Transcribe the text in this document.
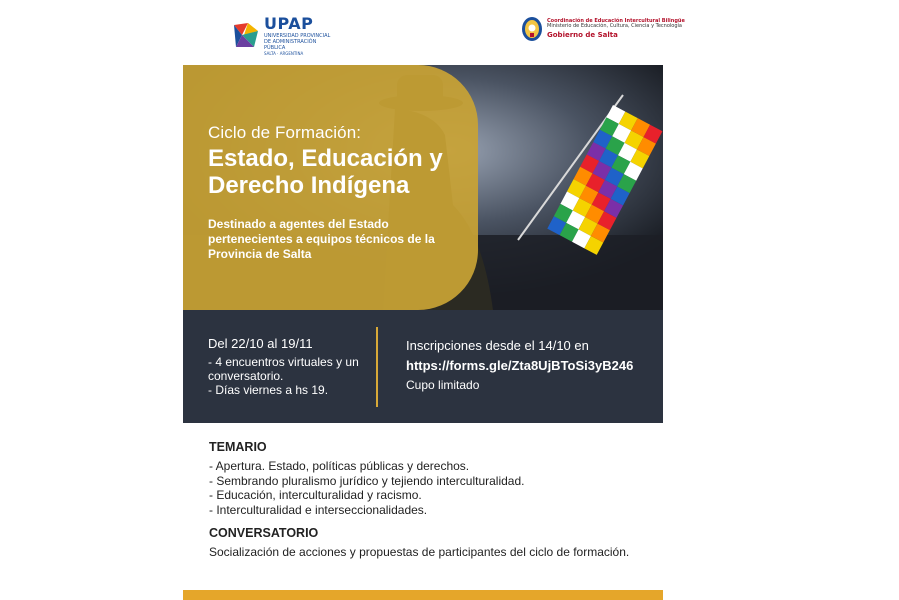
UPAP
UNIVERSIDAD PROVINCIAL DE ADMINISTRACIÓN PÚBLICA
SALTA · ARGENTINA
Coordinación de Educación Intercultural Bilingüe
Ministerio de Educación, Cultura, Ciencia y Tecnología
Gobierno de Salta
Ciclo de Formación:
Estado, Educación y Derecho Indígena
Destinado a agentes del Estado pertenecientes a equipos técnicos de la Provincia de Salta
Del 22/10 al 19/11
- 4 encuentros virtuales y un conversatorio.
- Días viernes a hs 19.
Inscripciones desde el 14/10 en
https://forms.gle/Zta8UjBToSi3yB246
Cupo limitado
TEMARIO
- Apertura. Estado, políticas públicas y derechos.
- Sembrando pluralismo jurídico y tejiendo interculturalidad.
- Educación, interculturalidad y racismo.
- Interculturalidad e interseccionalidades.
CONVERSATORIO
Socialización de acciones y propuestas de participantes del ciclo de formación.
